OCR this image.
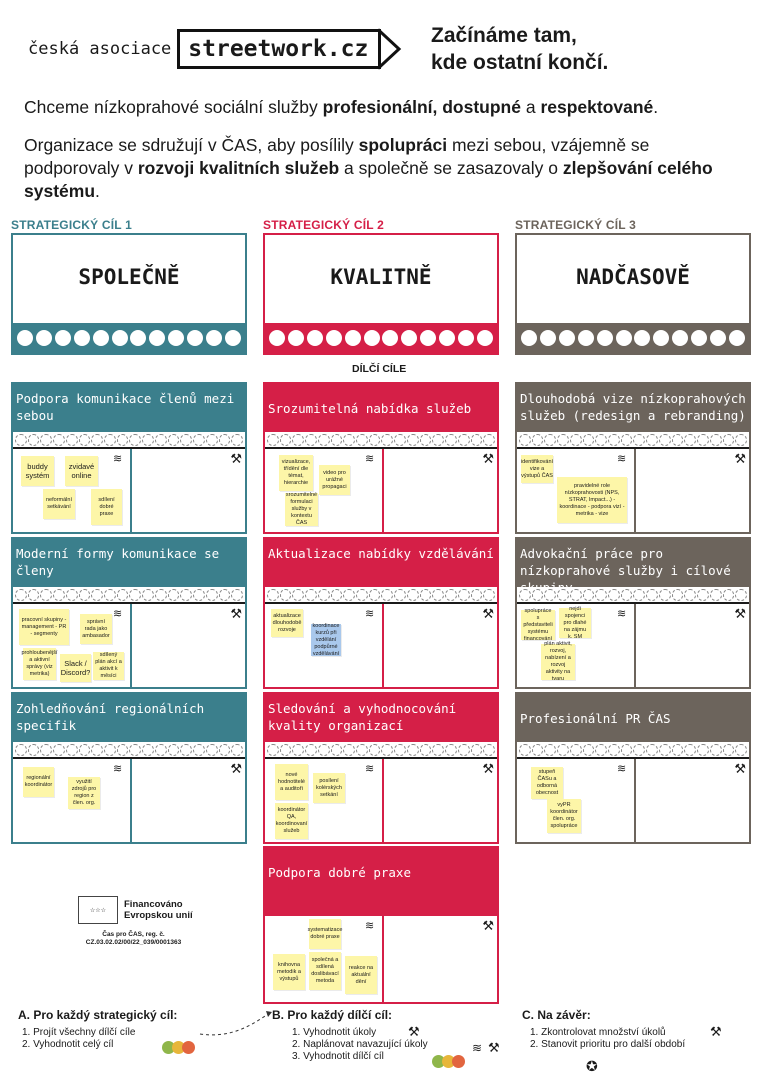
česká asociace streetwork.cz
Začínáme tam,
kde ostatní končí.
Chceme nízkoprahové sociální služby profesionální, dostupné a respektované.
Organizace se sdružují v ČAS, aby posílily spolupráci mezi sebou, vzájemně se podporovaly v rozvoji kvalitních služeb a společně se zasazovaly o zlepšování celého systému.
STRATEGICKÝ CÍL 1	STRATEGICKÝ CÍL 2	STRATEGICKÝ CÍL 3
SPOLEČNĚ	KVALITNĚ	NADČASOVĚ
DÍLČÍ CÍLE
Podpora komunikace členů mezi sebou
≋	⚒
buddy systém
zvidavé online
neformální setkávání
sdílení dobré praxe
Moderní formy komunikace se členy
≋	⚒
pracovní skupiny - management - PR - segmenty
správní rada jako ambasador
prohloubenější a aktivní správy (viz metrika)
Slack / Discord?
sdílený plán akcí a aktivit k měsíci
Zohledňování regionálních specifik
≋	⚒
regionální koordinátor	využití zdrojů pro region z člen. org.
Srozumitelná nabídka služeb
≋	⚒
vizualizace, třídění dle témat, hierarchie
video pro urážné propagaci
srozumitelné formulaci služby v kontextu ČAS
Aktualizace nabídky vzdělávání
≋	⚒
aktualizace dlouhodobě rozvoje
koordinace kurzů při vzdělání podpůrné vzdělávání
Sledování a vyhodnocování kvality organizací
≋	⚒
nové hodnotitelé a auditoři
posílení kolérských setkání
koordinátor QA, koordinovaní služeb
Podpora dobré praxe
≋	⚒
systematizace dobré praxe
knihovna metodik a výstupů
společná a sdílená doslibávací metoda
reakce na aktuální dění
Dlouhodobá vize nízkoprahových služeb (redesign a rebranding)
≋	⚒
identifikování vize a výstupů ČAS
pravidelné role nízkoprahovosti (NPS, STRAT, Impact...) - koordinace - podpora vizí - metrika - vize
Advokační práce pro nízkoprahové služby i cílové skupiny
≋	⚒
spolupráce s představiteli systému financování
nejdi spojenci pro dlahé na zájmu k. SM
plán aktivit, rozvoj, nabízení a rozvoj aktivity na tvaru
Profesionální PR ČAS
≋	⚒
stupeň ČASu a odborná obecnost
vyPR koordinátor člen. org. spolupráce
☆☆☆
Financováno
Evropskou unií
Čas pro ČAS, reg. č.
CZ.03.02.02/00/22_039/0001363
A. Pro každý strategický cíl:
1. Projít všechny dílčí cíle
2. Vyhodnotit celý cíl
B. Pro každý dílčí cíl:
1. Vyhodnotit úkoly
2. Naplánovat navazující úkoly
3. Vyhodnotit dílčí cíl
⚒
≋ ⚒
C. Na závěr:
1. Zkontrolovat množství úkolů
2. Stanovit prioritu pro další období
⚒
✪
